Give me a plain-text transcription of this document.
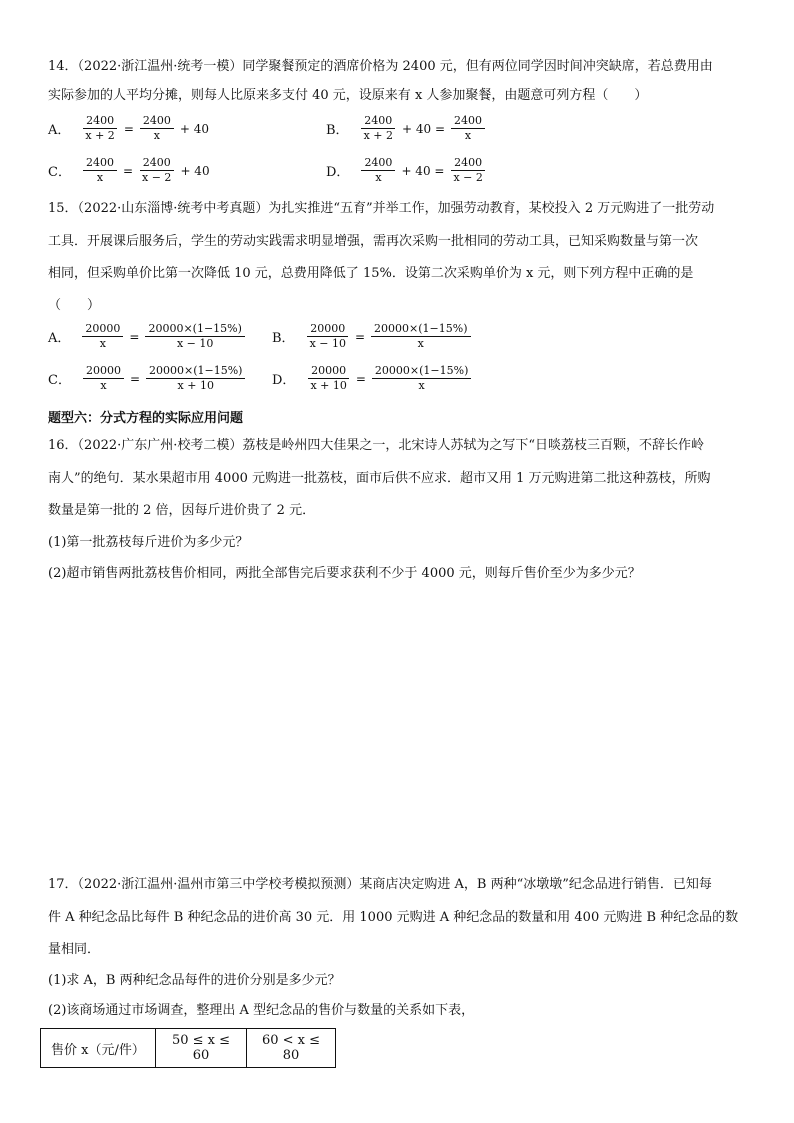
14．（2022·浙江温州·统考一模）同学聚餐预定的酒席价格为 2400 元，但有两位同学因时间冲突缺席，若总费用由
实际参加的人平均分摊，则每人比原来多支付 40 元，设原来有 x 人参加聚餐，由题意可列方程（　　）
A． $\frac{2400}{x + 2} = \frac{2400}{x} + 40$	B． $\frac{2400}{x + 2} + 40 = \frac{2400}{x}$
C． $\frac{2400}{x} = \frac{2400}{x - 2} + 40$	D． $\frac{2400}{x} + 40 = \frac{2400}{x - 2}$
15．（2022·山东淄博·统考中考真题）为扎实推进“五育”并举工作，加强劳动教育，某校投入 2 万元购进了一批劳动
工具．开展课后服务后，学生的劳动实践需求明显增强，需再次采购一批相同的劳动工具，已知采购数量与第一次
相同，但采购单价比第一次降低 10 元，总费用降低了 15%．设第二次采购单价为 x 元，则下列方程中正确的是
（　　）
A． $\frac{20000}{x} = \frac{20000\times(1-15\%)}{x - 10}$ B． $\frac{20000}{x - 10} = \frac{20000\times(1-15\%)}{x}$
C． $\frac{20000}{x} = \frac{20000\times(1-15\%)}{x + 10}$ D． $\frac{20000}{x + 10} = \frac{20000\times(1-15\%)}{x}$
题型六：分式方程的实际应用问题
16．（2022·广东广州·校考二模）荔枝是岭州四大佳果之一，北宋诗人苏轼为之写下“日啖荔枝三百颗，不辞长作岭
南人”的绝句．某水果超市用 4000 元购进一批荔枝，面市后供不应求．超市又用 1 万元购进第二批这种荔枝，所购
数量是第一批的 2 倍，因每斤进价贵了 2 元．
(1)第一批荔枝每斤进价为多少元？
(2)超市销售两批荔枝售价相同，两批全部售完后要求获利不少于 4000 元，则每斤售价至少为多少元？
17．（2022·浙江温州·温州市第三中学校考模拟预测）某商店决定购进 A，B 两种“冰墩墩”纪念品进行销售．已知每
件 A 种纪念品比每件 B 种纪念品的进价高 30 元．用 1000 元购进 A 种纪念品的数量和用 400 元购进 B 种纪念品的数
量相同．
(1)求 A，B 两种纪念品每件的进价分别是多少元？
(2)该商场通过市场调查，整理出 A 型纪念品的售价与数量的关系如下表，
售价 x（元/件）	50 ≤ x ≤ 60	60 < x ≤ 80
